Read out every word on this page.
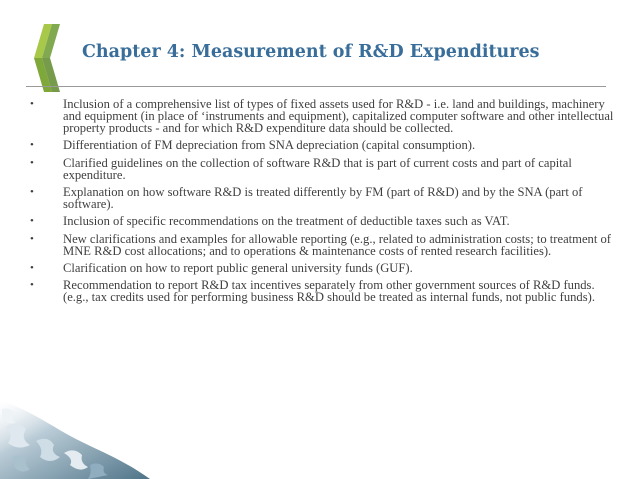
Chapter 4: Measurement of R&D Expenditures
• Inclusion of a comprehensive list of types of fixed assets used for R&D - i.e. land and buildings, machinery and equipment (in place of ‘instruments and equipment), capitalized computer software and other intellectual property products - and for which R&D expenditure data should be collected.
• Differentiation of FM depreciation from SNA depreciation (capital consumption).
• Clarified guidelines on the collection of software R&D that is part of current costs and part of capital expenditure.
• Explanation on how software R&D is treated differently by FM (part of R&D) and by the SNA (part of software).
• Inclusion of specific recommendations on the treatment of deductible taxes such as VAT.
• New clarifications and examples for allowable reporting (e.g., related to administration costs; to treatment of MNE R&D cost allocations; and to operations & maintenance costs of rented research facilities).
• Clarification on how to report public general university funds (GUF).
• Recommendation to report R&D tax incentives separately from other government sources of R&D funds. (e.g., tax credits used for performing business R&D should be treated as internal funds, not public funds).
